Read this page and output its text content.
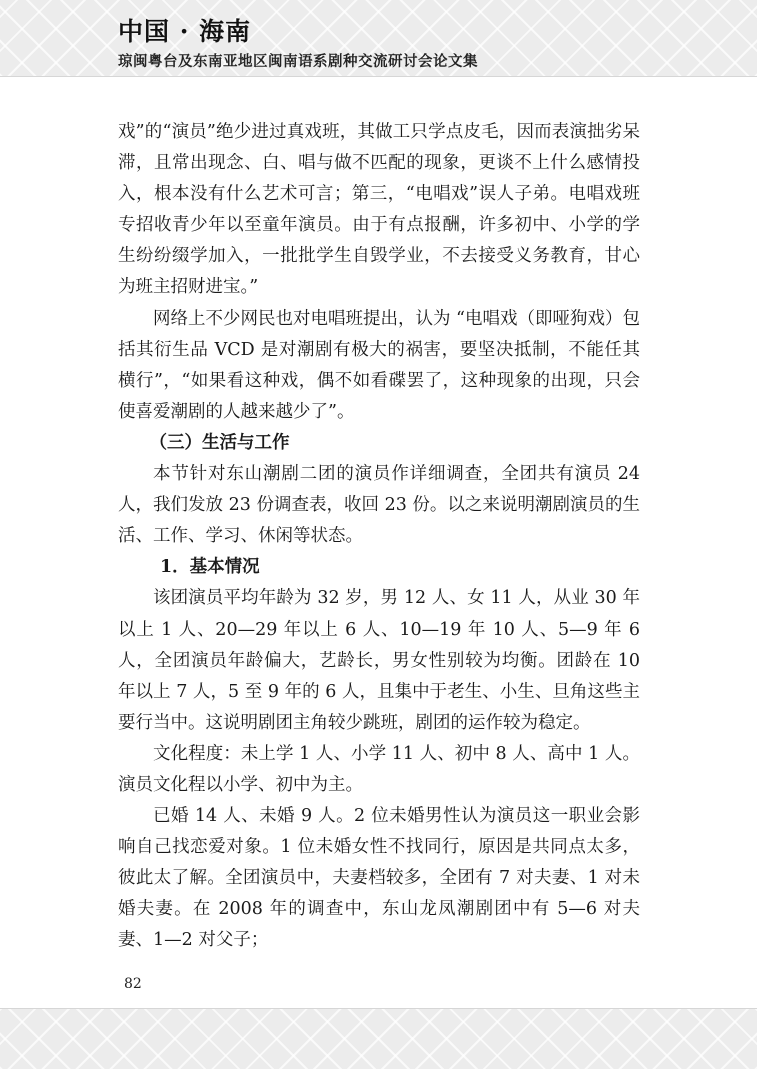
中国 · 海南
琼闽粤台及东南亚地区闽南语系剧种交流研讨会论文集

戏”的“演员”绝少进过真戏班，其做工只学点皮毛，因而表演拙劣呆滞，且常出现念、白、唱与做不匹配的现象，更谈不上什么感情投入，根本没有什么艺术可言；第三，“电唱戏”误人子弟。电唱戏班专招收青少年以至童年演员。由于有点报酬，许多初中、小学的学生纷纷缀学加入，一批批学生自毁学业，不去接受义务教育，甘心为班主招财进宝。”

网络上不少网民也对电唱班提出，认为 “电唱戏（即哑狗戏）包括其衍生品 VCD 是对潮剧有极大的祸害，要坚决抵制，不能任其横行”，“如果看这种戏，偶不如看碟罢了，这种现象的出现，只会使喜爱潮剧的人越来越少了”。

（三）生活与工作

本节针对东山潮剧二团的演员作详细调查，全团共有演员 24 人，我们发放 23 份调查表，收回 23 份。以之来说明潮剧演员的生活、工作、学习、休闲等状态。

1．基本情况

该团演员平均年龄为 32 岁，男 12 人、女 11 人，从业 30 年以上 1 人、20—29 年以上 6 人、10—19 年 10 人、5—9 年 6 人，全团演员年龄偏大，艺龄长，男女性别较为均衡。团龄在 10 年以上 7 人，5 至 9 年的 6 人，且集中于老生、小生、旦角这些主要行当中。这说明剧团主角较少跳班，剧团的运作较为稳定。

文化程度：未上学 1 人、小学 11 人、初中 8 人、高中 1 人。演员文化程以小学、初中为主。

已婚 14 人、未婚 9 人。2 位未婚男性认为演员这一职业会影响自己找恋爱对象。1 位未婚女性不找同行，原因是共同点太多，彼此太了解。全团演员中，夫妻档较多，全团有 7 对夫妻、1 对未婚夫妻。在 2008 年的调查中，东山龙凤潮剧团中有 5—6 对夫妻、1—2 对父子；

82
